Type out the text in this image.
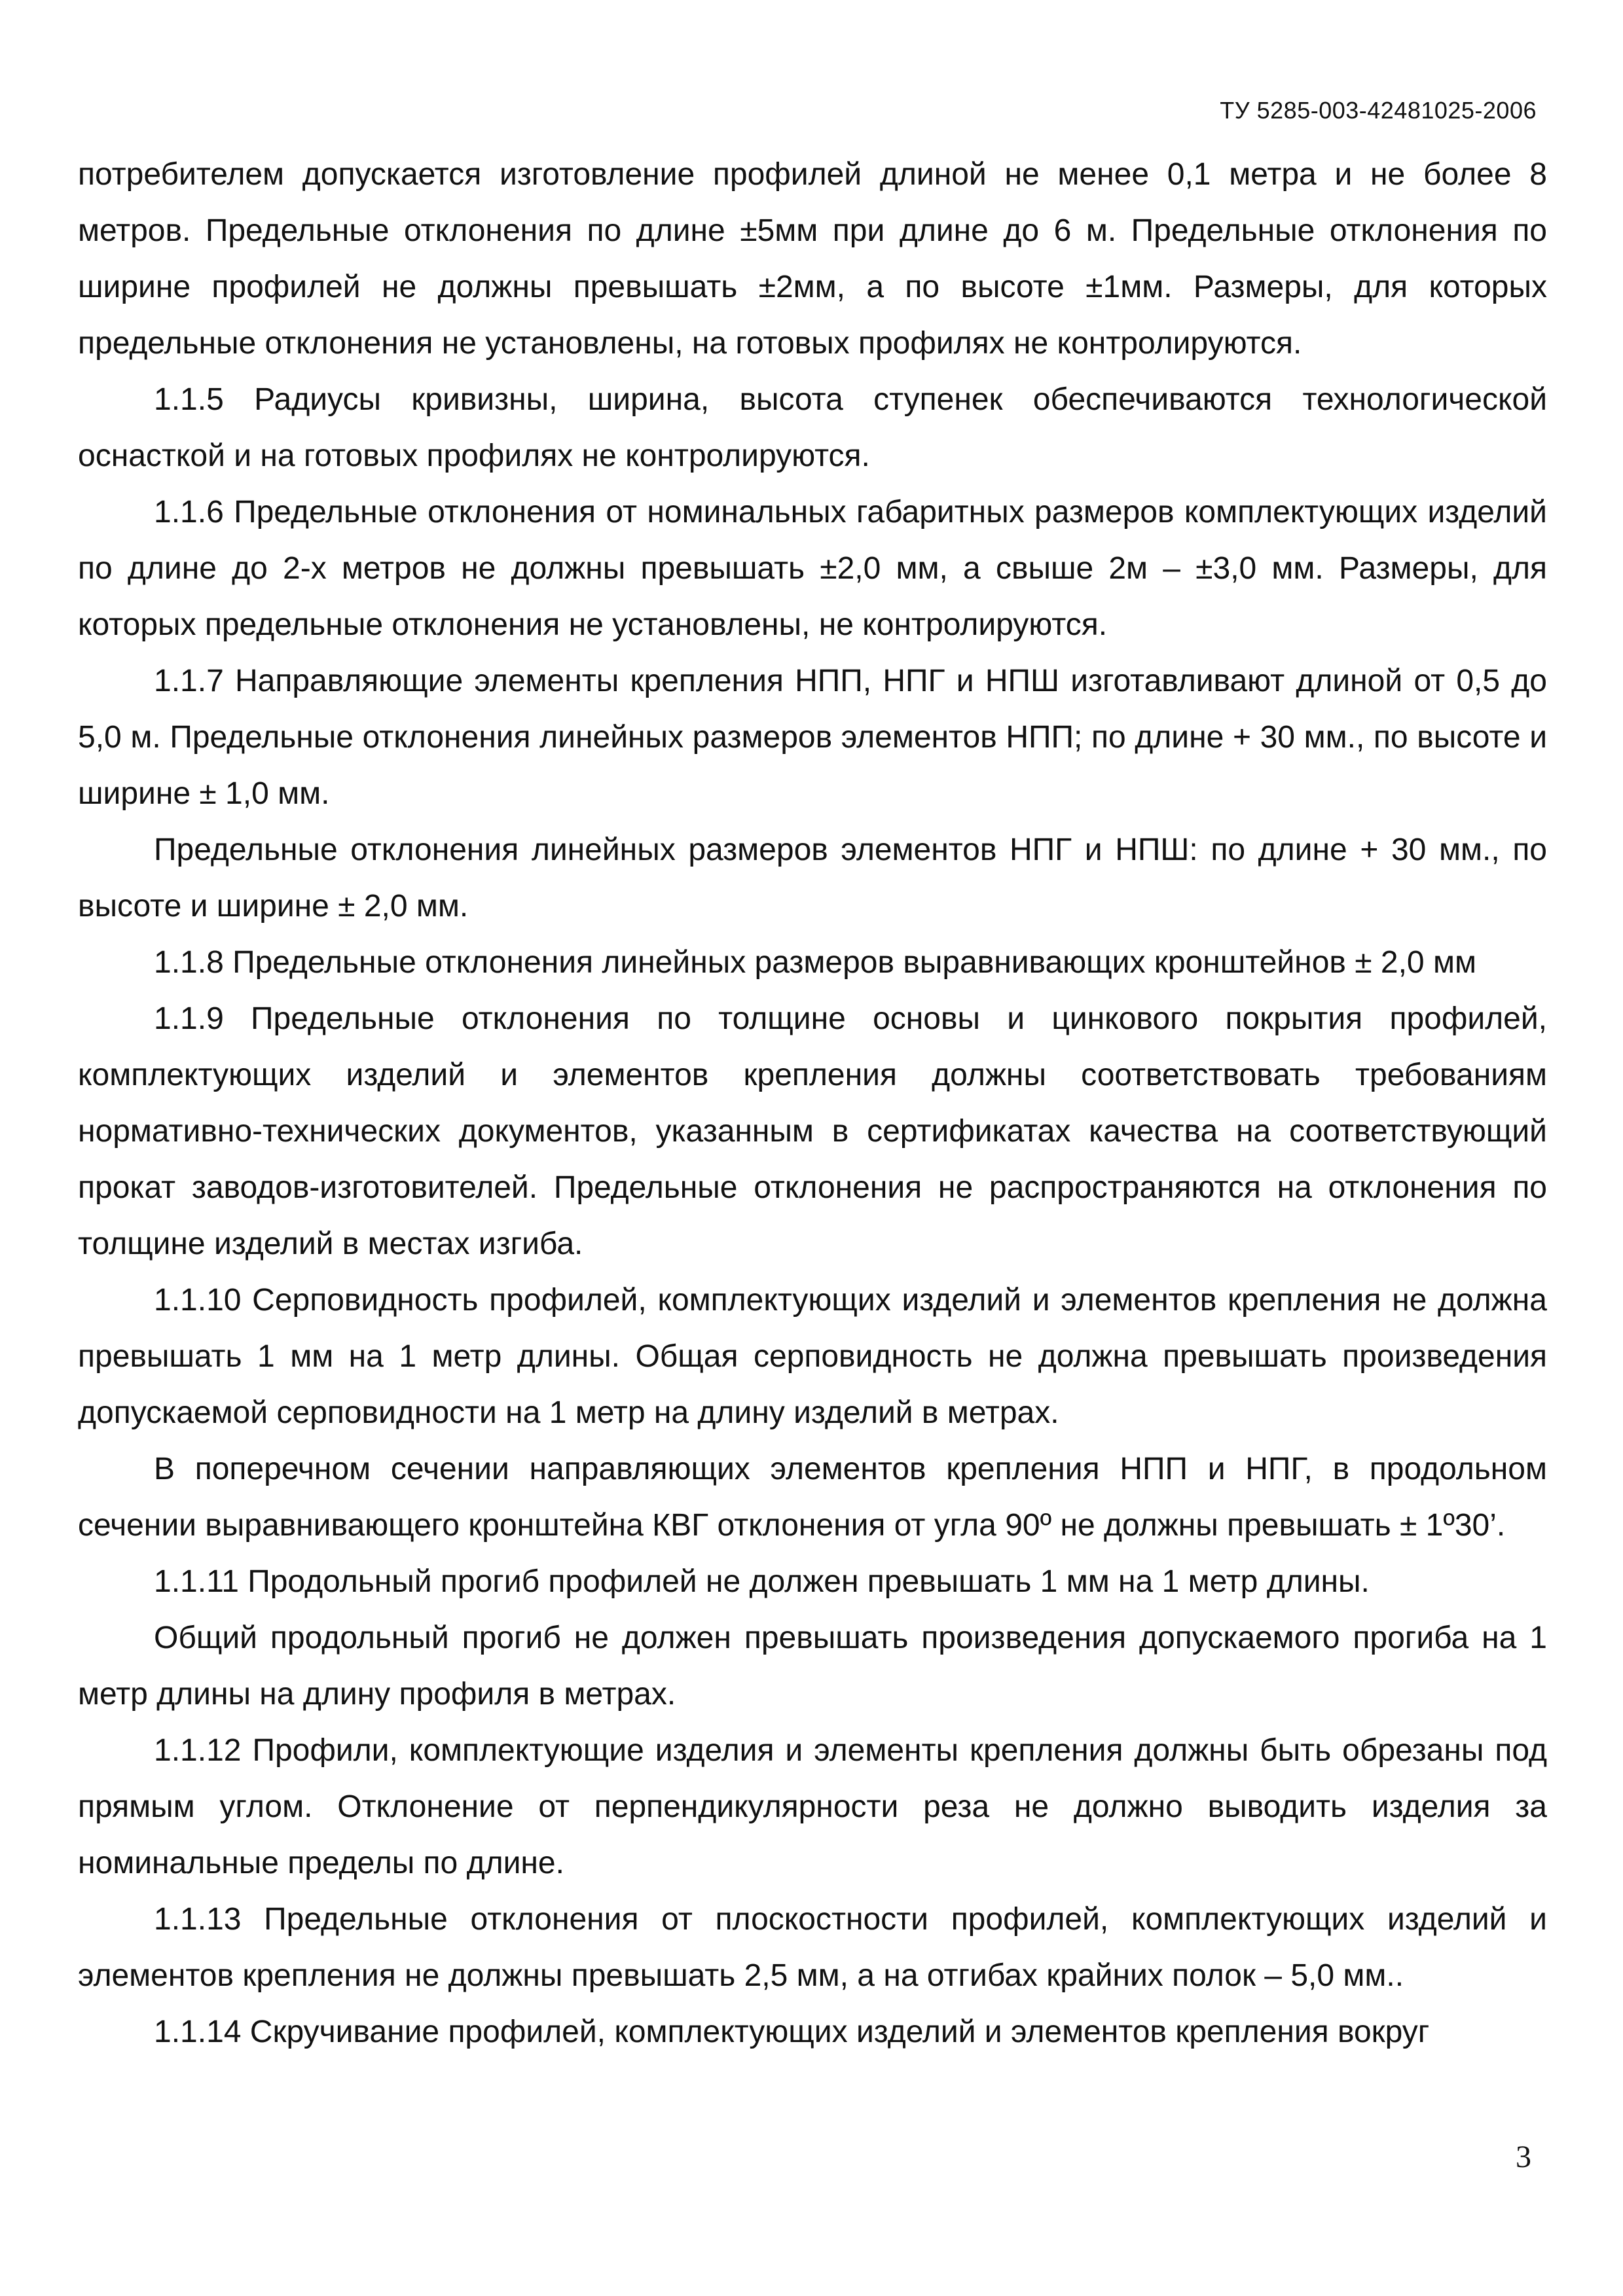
ТУ 5285-003-42481025-2006

потребителем допускается изготовление профилей длиной не менее 0,1 метра и не более 8 метров. Предельные отклонения по длине ±5мм при длине до 6 м. Предельные отклонения по ширине профилей не должны превышать ±2мм, а по высоте ±1мм. Размеры, для которых предельные отклонения не установлены, на готовых профилях не контролируются.

1.1.5 Радиусы кривизны, ширина, высота ступенек обеспечиваются технологической оснасткой и на готовых профилях не контролируются.

1.1.6 Предельные отклонения от номинальных габаритных размеров комплектующих изделий по длине до 2-х метров не должны превышать ±2,0 мм, а свыше 2м – ±3,0 мм. Размеры, для которых предельные отклонения не установлены, не контролируются.

1.1.7 Направляющие элементы крепления НПП, НПГ и НПШ изготавливают длиной от 0,5 до 5,0 м. Предельные отклонения линейных размеров элементов НПП; по длине + 30 мм., по высоте и ширине ± 1,0 мм.

Предельные отклонения линейных размеров элементов НПГ и НПШ: по длине + 30 мм., по высоте и ширине ± 2,0 мм.

1.1.8 Предельные отклонения линейных размеров выравнивающих кронштейнов ± 2,0 мм

1.1.9 Предельные отклонения по толщине основы и цинкового покрытия профилей, комплектующих изделий и элементов крепления должны соответствовать требованиям нормативно-технических документов, указанным в сертификатах качества на соответствующий прокат заводов-изготовителей. Предельные отклонения не распространяются на отклонения по толщине изделий в местах изгиба.

1.1.10 Серповидность профилей, комплектующих изделий и элементов крепления не должна превышать 1 мм на 1 метр длины. Общая серповидность не должна превышать произведения допускаемой серповидности на 1 метр на длину изделий в метрах.

В поперечном сечении направляющих элементов крепления НПП и НПГ, в продольном сечении выравнивающего кронштейна КВГ отклонения от угла 90º не должны превышать ± 1º30’.

1.1.11 Продольный прогиб профилей не должен превышать 1 мм на 1 метр длины.

Общий продольный прогиб не должен превышать произведения допускаемого прогиба на 1 метр длины на длину профиля в метрах.

1.1.12 Профили, комплектующие изделия и элементы крепления должны быть обрезаны под прямым углом. Отклонение от перпендикулярности реза не должно выводить изделия за номинальные пределы по длине.

1.1.13 Предельные отклонения от плоскостности профилей, комплектующих изделий и элементов крепления не должны превышать 2,5 мм, а на отгибах крайних полок – 5,0 мм..

1.1.14 Скручивание профилей, комплектующих изделий и элементов крепления вокруг

3
